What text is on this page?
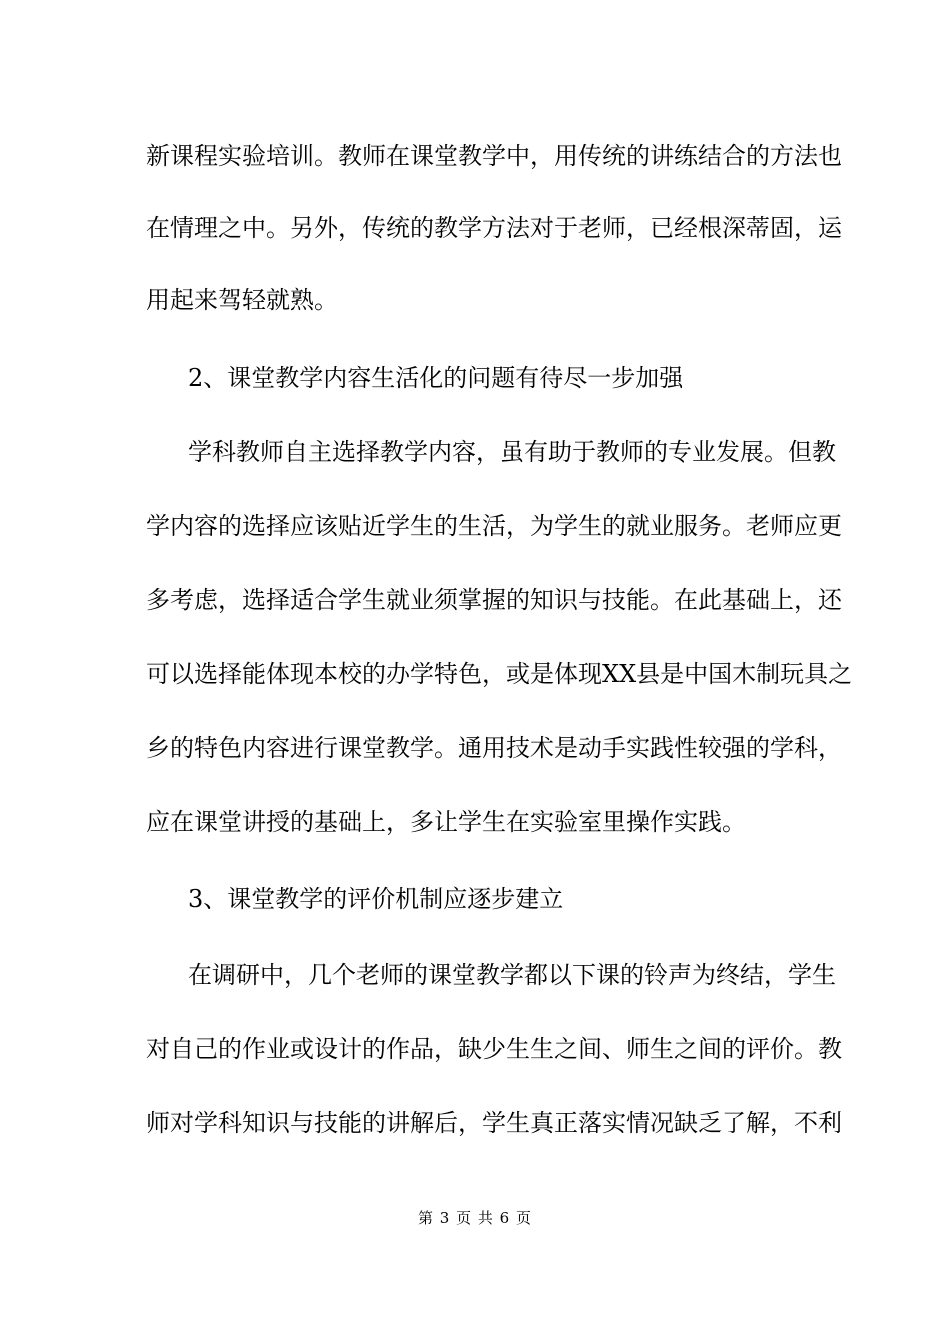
新课程实验培训。教师在课堂教学中，用传统的讲练结合的方法也
在情理之中。另外，传统的教学方法对于老师，已经根深蒂固，运
用起来驾轻就熟。
2、课堂教学内容生活化的问题有待尽一步加强
学科教师自主选择教学内容，虽有助于教师的专业发展。但教
学内容的选择应该贴近学生的生活，为学生的就业服务。老师应更
多考虑，选择适合学生就业须掌握的知识与技能。在此基础上，还
可以选择能体现本校的办学特色，或是体现XX县是中国木制玩具之
乡的特色内容进行课堂教学。通用技术是动手实践性较强的学科，
应在课堂讲授的基础上，多让学生在实验室里操作实践。
3、课堂教学的评价机制应逐步建立
在调研中，几个老师的课堂教学都以下课的铃声为终结，学生
对自己的作业或设计的作品，缺少生生之间、师生之间的评价。教
师对学科知识与技能的讲解后，学生真正落实情况缺乏了解，不利
第 3 页 共 6 页
